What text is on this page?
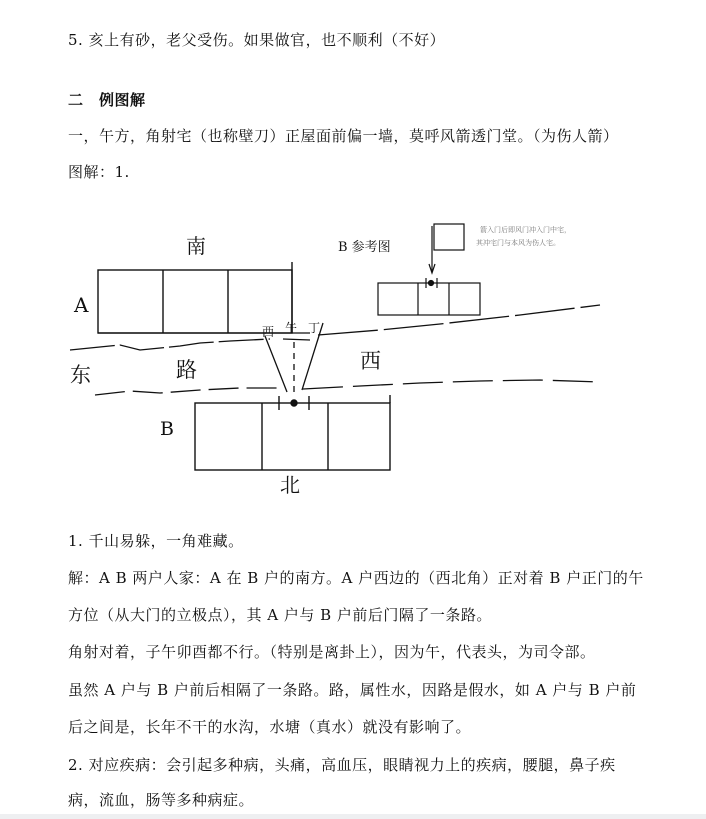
5. 亥上有砂，老父受伤。如果做官，也不顺利（不好）
二　例图解
一，午方，角射宅（也称壁刀）正屋面前偏一墙，莫呼风箭透门堂。（为伤人箭）
图解：1.
南
A
B 参考图
箭入门后即风门冲入门中宅，
其冲宅门与本风为伤人宅。
东	路	西
西 午 丁
B
北
1. 千山易躲，一角难藏。
解：A B 两户人家：A 在 B 户的南方。A 户西边的（西北角）正对着 B 户正门的午
方位（从大门的立极点），其 A 户与 B 户前后门隔了一条路。
角射对着，子午卯酉都不行。（特别是离卦上），因为午，代表头，为司令部。
虽然 A 户与 B 户前后相隔了一条路。路，属性水，因路是假水，如 A 户与 B 户前
后之间是，长年不干的水沟，水塘（真水）就没有影响了。
2. 对应疾病：会引起多种病，头痛，高血压，眼睛视力上的疾病，腰腿，鼻子疾
病，流血，肠等多种病症。
